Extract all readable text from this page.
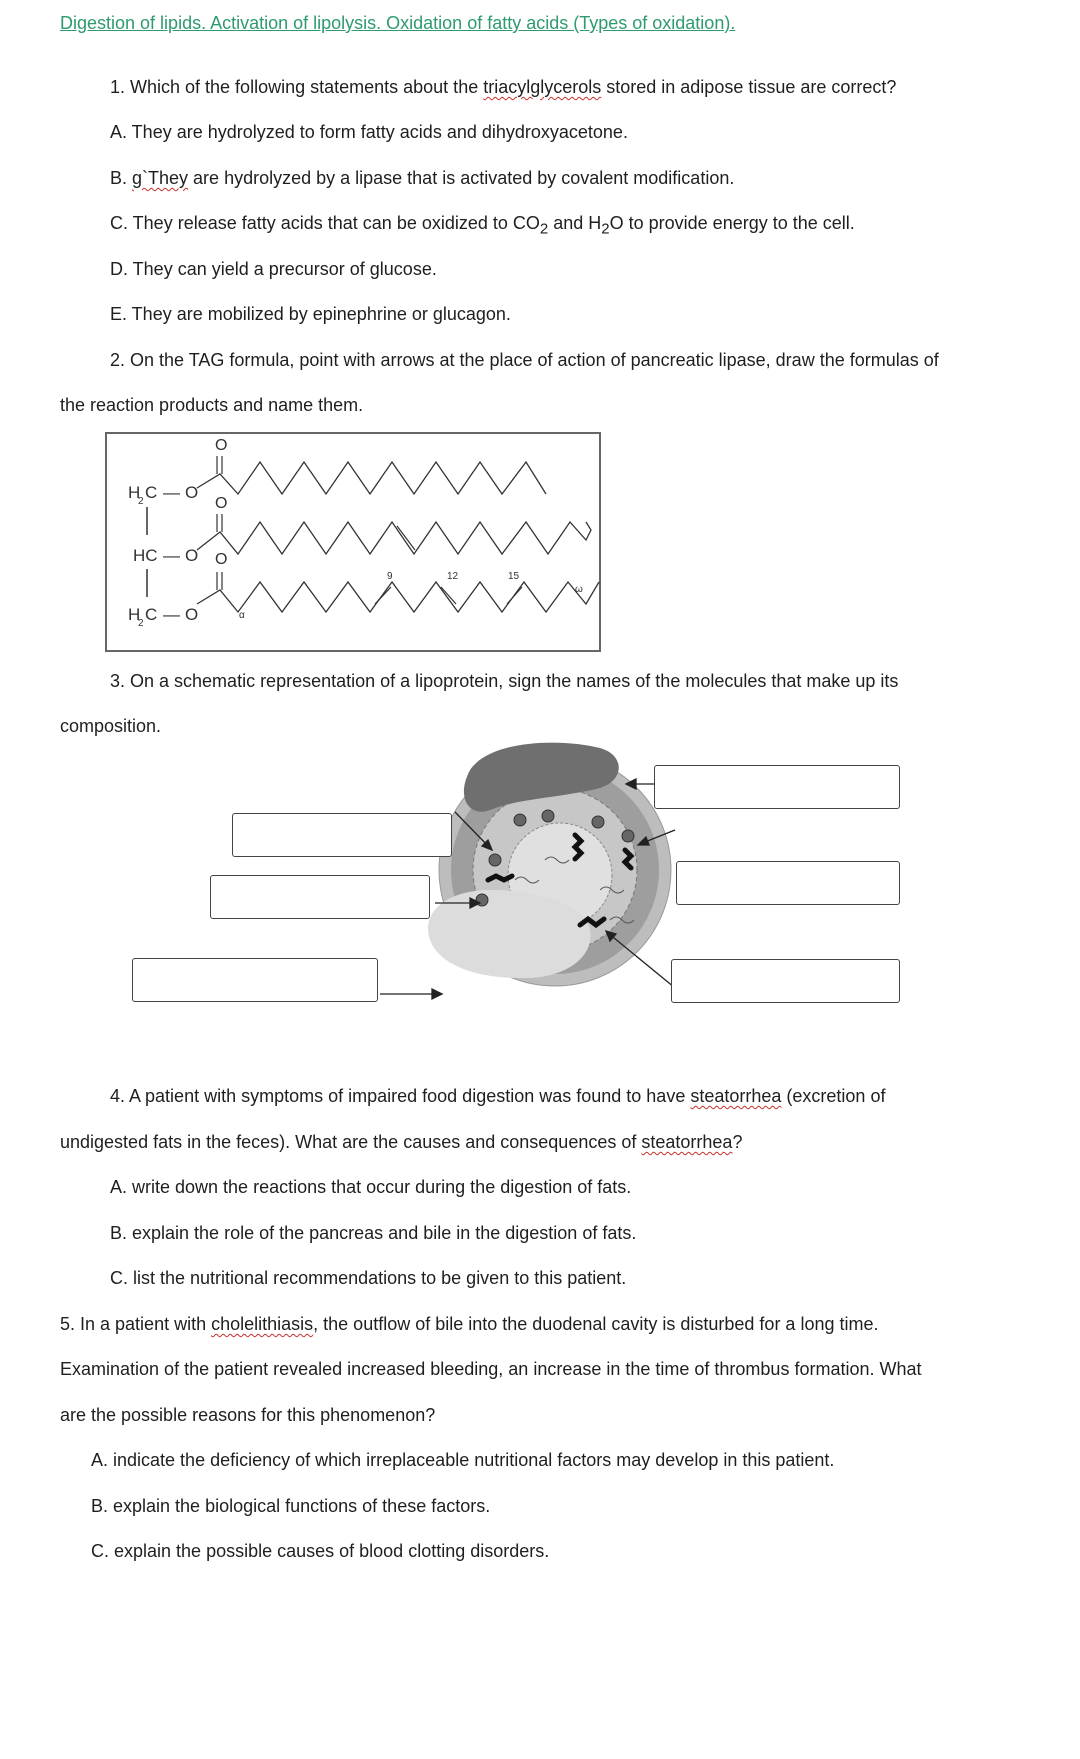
Digestion of lipids. Activation of lipolysis. Oxidation of fatty acids (Types of oxidation).
1. Which of the following statements about the triacylglycerols stored in adipose tissue are correct?
A. They are hydrolyzed to form fatty acids and dihydroxyacetone.
B. g`They are hydrolyzed by a lipase that is activated by covalent modification.
C. They release fatty acids that can be oxidized to $CO_2$ and $H_2O$ to provide energy to the cell.
D. They can yield a precursor of glucose.
E. They are mobilized by epinephrine or glucagon.
2. On the TAG formula, point with arrows at the place of action of pancreatic lipase, draw the formulas of
the reaction products and name them.
H
2 C — O
HC — O
H
2 C — O
O
O
O
9	12	15
α
ω
3. On a schematic representation of a lipoprotein, sign the names of the molecules that make up its
composition.
4. A patient with symptoms of impaired food digestion was found to have steatorrhea (excretion of
undigested fats in the feces). What are the causes and consequences of steatorrhea?
A. write down the reactions that occur during the digestion of fats.
B. explain the role of the pancreas and bile in the digestion of fats.
C. list the nutritional recommendations to be given to this patient.
5. In a patient with cholelithiasis, the outflow of bile into the duodenal cavity is disturbed for a long time.
Examination of the patient revealed increased bleeding, an increase in the time of thrombus formation. What
are the possible reasons for this phenomenon?
A. indicate the deficiency of which irreplaceable nutritional factors may develop in this patient.
B. explain the biological functions of these factors.
C. explain the possible causes of blood clotting disorders.
